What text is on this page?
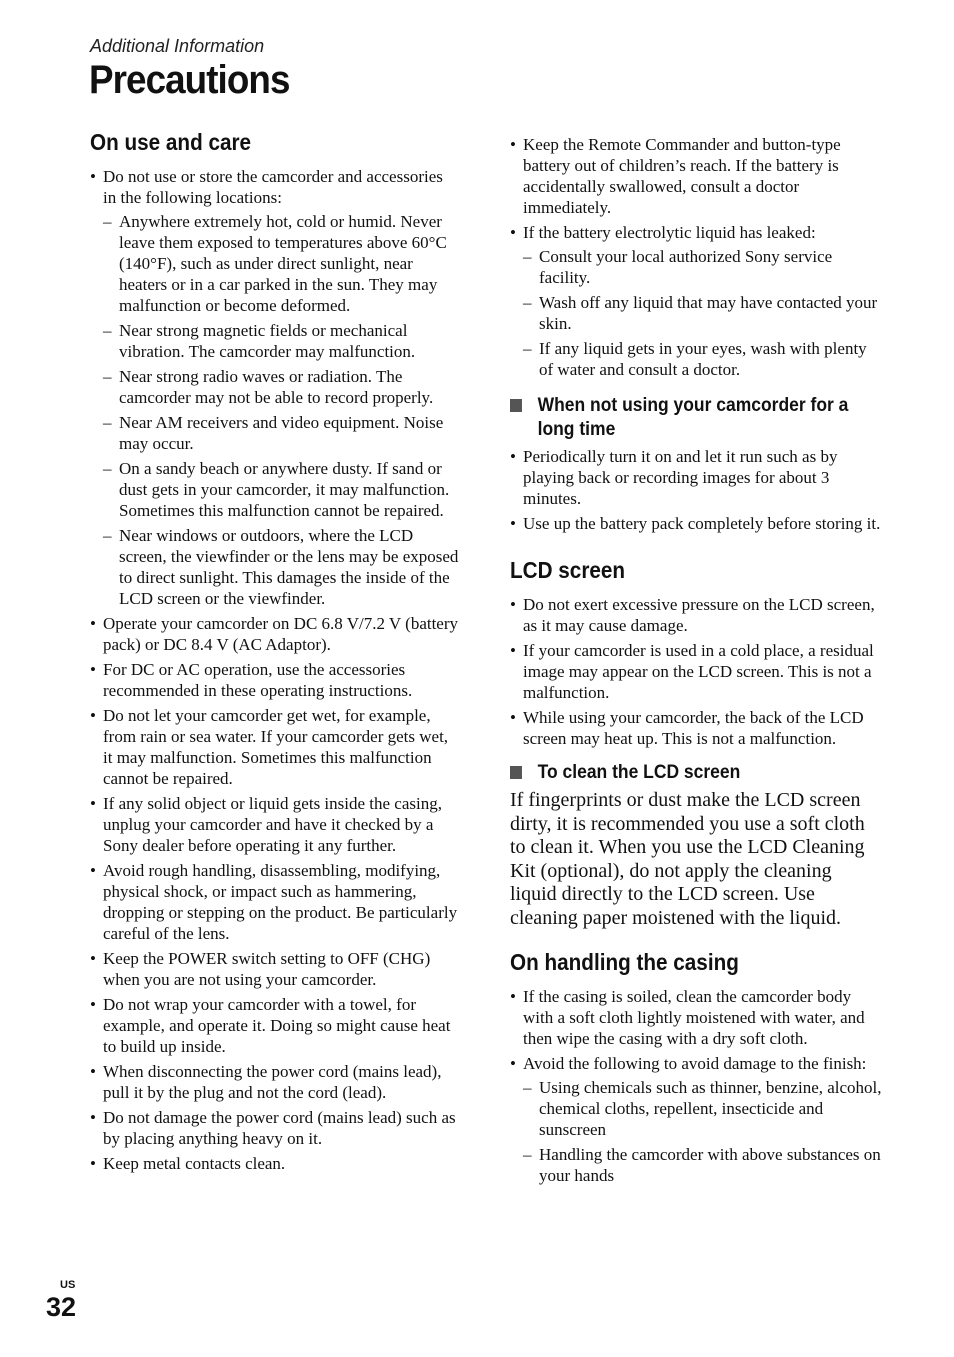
Additional Information
Precautions
On use and care
• Do not use or store the camcorder and accessories in the following locations:
– Anywhere extremely hot, cold or humid. Never leave them exposed to temperatures above 60°C (140°F), such as under direct sunlight, near heaters or in a car parked in the sun. They may malfunction or become deformed.
– Near strong magnetic fields or mechanical vibration. The camcorder may malfunction.
– Near strong radio waves or radiation. The camcorder may not be able to record properly.
– Near AM receivers and video equipment. Noise may occur.
– On a sandy beach or anywhere dusty. If sand or dust gets in your camcorder, it may malfunction. Sometimes this malfunction cannot be repaired.
– Near windows or outdoors, where the LCD screen, the viewfinder or the lens may be exposed to direct sunlight. This damages the inside of the LCD screen or the viewfinder.
• Operate your camcorder on DC 6.8 V/7.2 V (battery pack) or DC 8.4 V (AC Adaptor).
• For DC or AC operation, use the accessories recommended in these operating instructions.
• Do not let your camcorder get wet, for example, from rain or sea water. If your camcorder gets wet, it may malfunction. Sometimes this malfunction cannot be repaired.
• If any solid object or liquid gets inside the casing, unplug your camcorder and have it checked by a Sony dealer before operating it any further.
• Avoid rough handling, disassembling, modifying, physical shock, or impact such as hammering, dropping or stepping on the product. Be particularly careful of the lens.
• Keep the POWER switch setting to OFF (CHG) when you are not using your camcorder.
• Do not wrap your camcorder with a towel, for example, and operate it. Doing so might cause heat to build up inside.
• When disconnecting the power cord (mains lead), pull it by the plug and not the cord (lead).
• Do not damage the power cord (mains lead) such as by placing anything heavy on it.
• Keep metal contacts clean.
• Keep the Remote Commander and button-type battery out of children’s reach. If the battery is accidentally swallowed, consult a doctor immediately.
• If the battery electrolytic liquid has leaked:
– Consult your local authorized Sony service facility.
– Wash off any liquid that may have contacted your skin.
– If any liquid gets in your eyes, wash with plenty of water and consult a doctor.
When not using your camcorder for a long time
• Periodically turn it on and let it run such as by playing back or recording images for about 3 minutes.
• Use up the battery pack completely before storing it.
LCD screen
• Do not exert excessive pressure on the LCD screen, as it may cause damage.
• If your camcorder is used in a cold place, a residual image may appear on the LCD screen. This is not a malfunction.
• While using your camcorder, the back of the LCD screen may heat up. This is not a malfunction.
To clean the LCD screen

If fingerprints or dust make the LCD screen dirty, it is recommended you use a soft cloth to clean it. When you use the LCD Cleaning Kit (optional), do not apply the cleaning liquid directly to the LCD screen. Use cleaning paper moistened with the liquid.

On handling the casing
• If the casing is soiled, clean the camcorder body with a soft cloth lightly moistened with water, and then wipe the casing with a dry soft cloth.
• Avoid the following to avoid damage to the finish:
– Using chemicals such as thinner, benzine, alcohol, chemical cloths, repellent, insecticide and sunscreen
– Handling the camcorder with above substances on your hands
US
32
